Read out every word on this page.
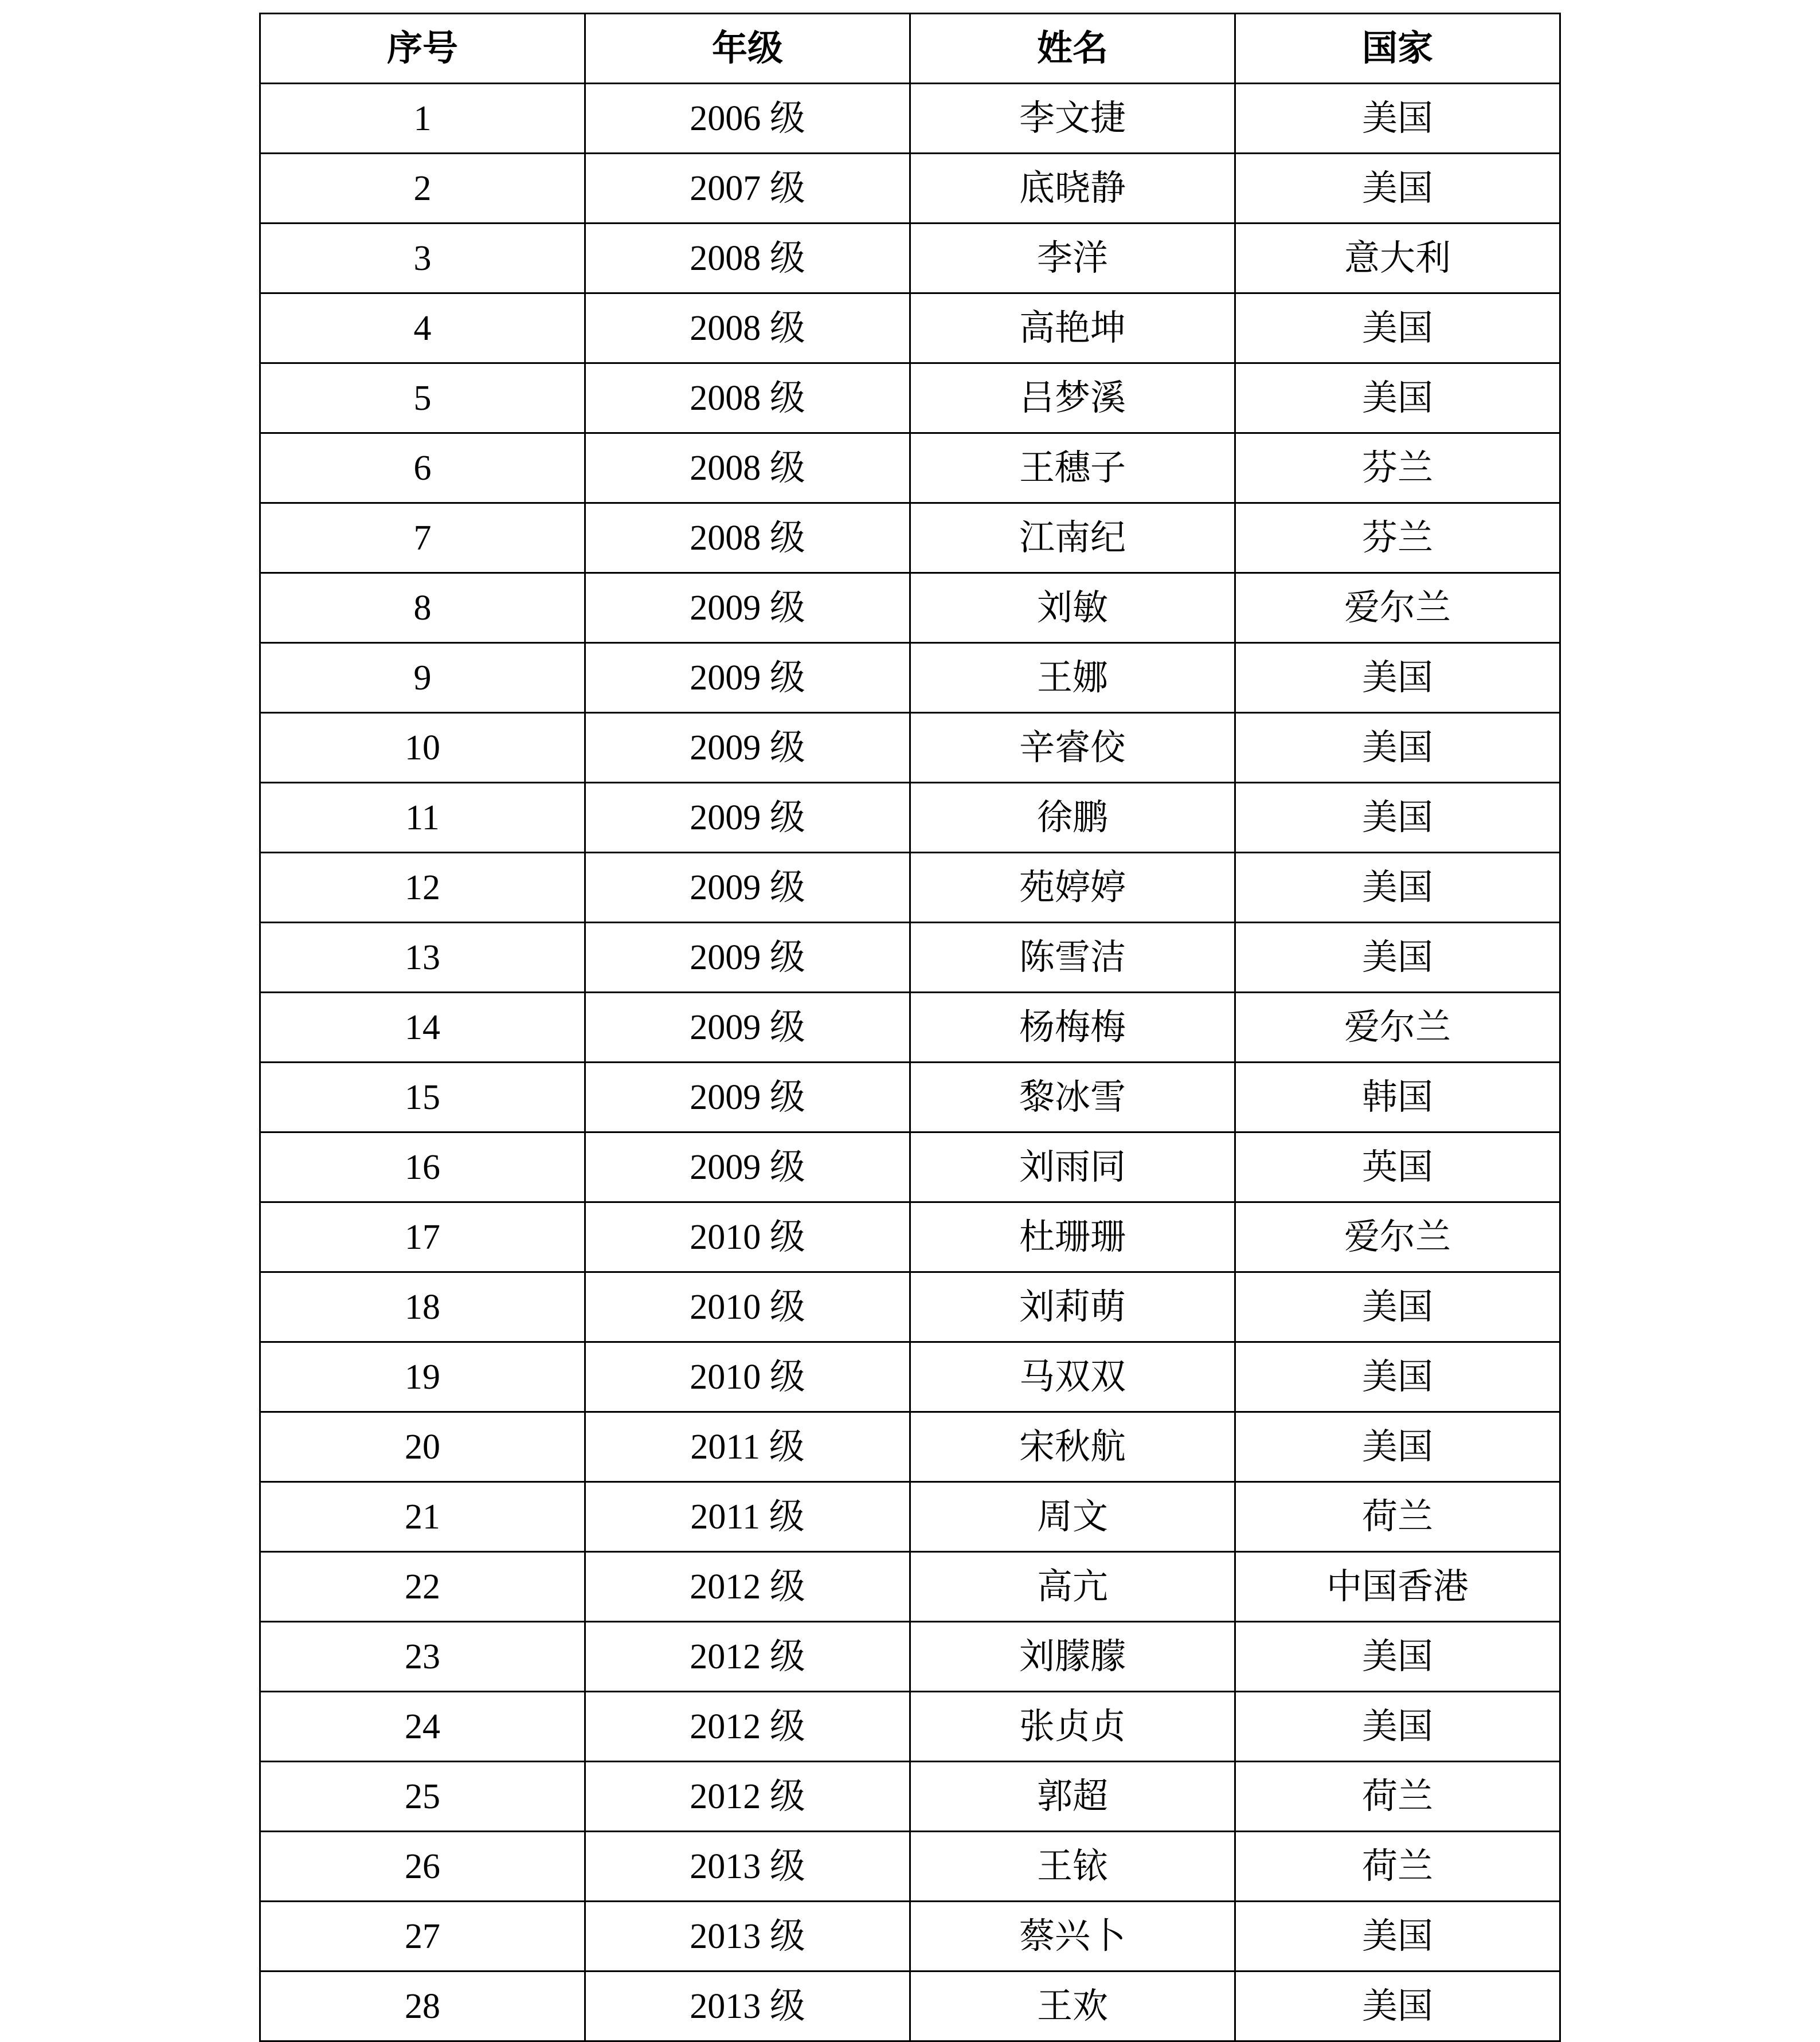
序号	年级	姓名	国家
1	2006 级	李文捷	美国
2	2007 级	底晓静	美国
3	2008 级	李洋	意大利
4	2008 级	高艳坤	美国
5	2008 级	吕梦溪	美国
6	2008 级	王穗子	芬兰
7	2008 级	江南纪	芬兰
8	2009 级	刘敏	爱尔兰
9	2009 级	王娜	美国
10	2009 级	辛睿佼	美国
11	2009 级	徐鹏	美国
12	2009 级	苑婷婷	美国
13	2009 级	陈雪洁	美国
14	2009 级	杨梅梅	爱尔兰
15	2009 级	黎冰雪	韩国
16	2009 级	刘雨同	英国
17	2010 级	杜珊珊	爱尔兰
18	2010 级	刘莉萌	美国
19	2010 级	马双双	美国
20	2011 级	宋秋航	美国
21	2011 级	周文	荷兰
22	2012 级	高亢	中国香港
23	2012 级	刘朦朦	美国
24	2012 级	张贞贞	美国
25	2012 级	郭超	荷兰
26	2013 级	王铱	荷兰
27	2013 级	蔡兴卜	美国
28	2013 级	王欢	美国
